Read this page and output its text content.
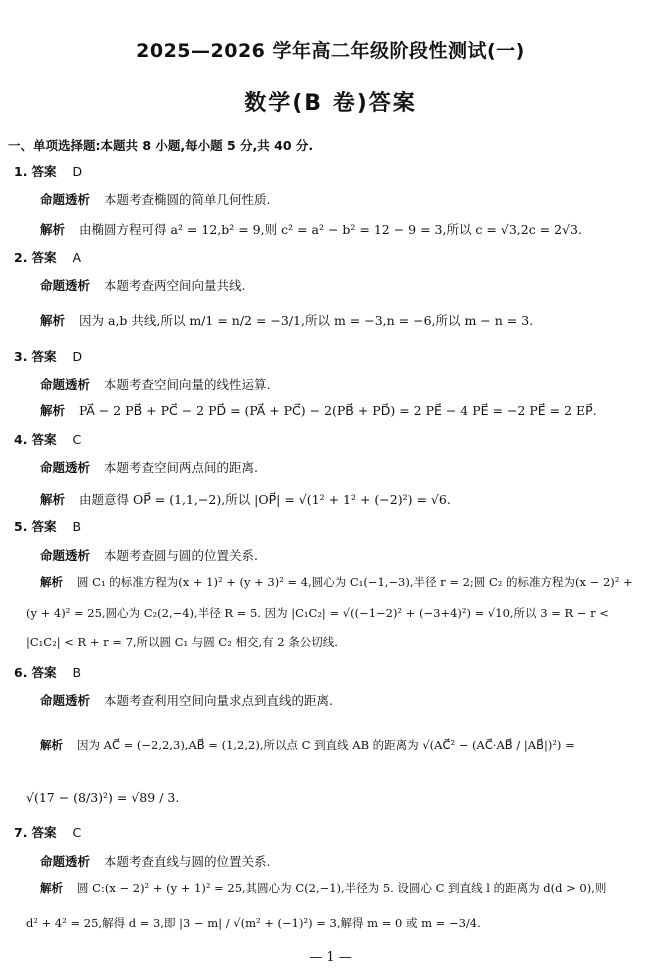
2025—2026 学年高二年级阶段性测试(一)
数学(B 卷)答案
一、单项选择题:本题共 8 小题,每小题 5 分,共 40 分.
1. 答案 D
命题透析 本题考查椭圆的简单几何性质.
解析 由椭圆方程可得 a² = 12,b² = 9,则 c² = a² − b² = 12 − 9 = 3,所以 c = √3,2c = 2√3.
2. 答案 A
命题透析 本题考查两空间向量共线.
解析 因为 a,b 共线,所以 m/1 = n/2 = −3/1,所以 m = −3,n = −6,所以 m − n = 3.
3. 答案 D
命题透析 本题考查空间向量的线性运算.
解析 PA⃗ − 2 PB⃗ + PC⃗ − 2 PD⃗ = (PA⃗ + PC⃗) − 2(PB⃗ + PD⃗) = 2 PE⃗ − 4 PE⃗ = −2 PE⃗ = 2 EP⃗.
4. 答案 C
命题透析 本题考查空间两点间的距离.
解析 由题意得 OP⃗ = (1,1,−2),所以 |OP⃗| = √(1² + 1² + (−2)²) = √6.
5. 答案 B
命题透析 本题考查圆与圆的位置关系.
解析 圆 C₁ 的标准方程为(x + 1)² + (y + 3)² = 4,圆心为 C₁(−1,−3),半径 r = 2;圆 C₂ 的标准方程为(x − 2)² +
(y + 4)² = 25,圆心为 C₂(2,−4),半径 R = 5. 因为 |C₁C₂| = √((−1−2)² + (−3+4)²) = √10,所以 3 = R − r <
|C₁C₂| < R + r = 7,所以圆 C₁ 与圆 C₂ 相交,有 2 条公切线.
6. 答案 B
命题透析 本题考查利用空间向量求点到直线的距离.
解析 因为 AC⃗ = (−2,2,3),AB⃗ = (1,2,2),所以点 C 到直线 AB 的距离为 √(AC⃗² − (AC⃗·AB⃗ / |AB⃗|)²) =
√(17 − (8/3)²) = √89 / 3.
7. 答案 C
命题透析 本题考查直线与圆的位置关系.
解析 圆 C:(x − 2)² + (y + 1)² = 25,其圆心为 C(2,−1),半径为 5. 设圆心 C 到直线 l 的距离为 d(d > 0),则
d² + 4² = 25,解得 d = 3,即 |3 − m| / √(m² + (−1)²) = 3,解得 m = 0 或 m = −3/4.
— 1 —
